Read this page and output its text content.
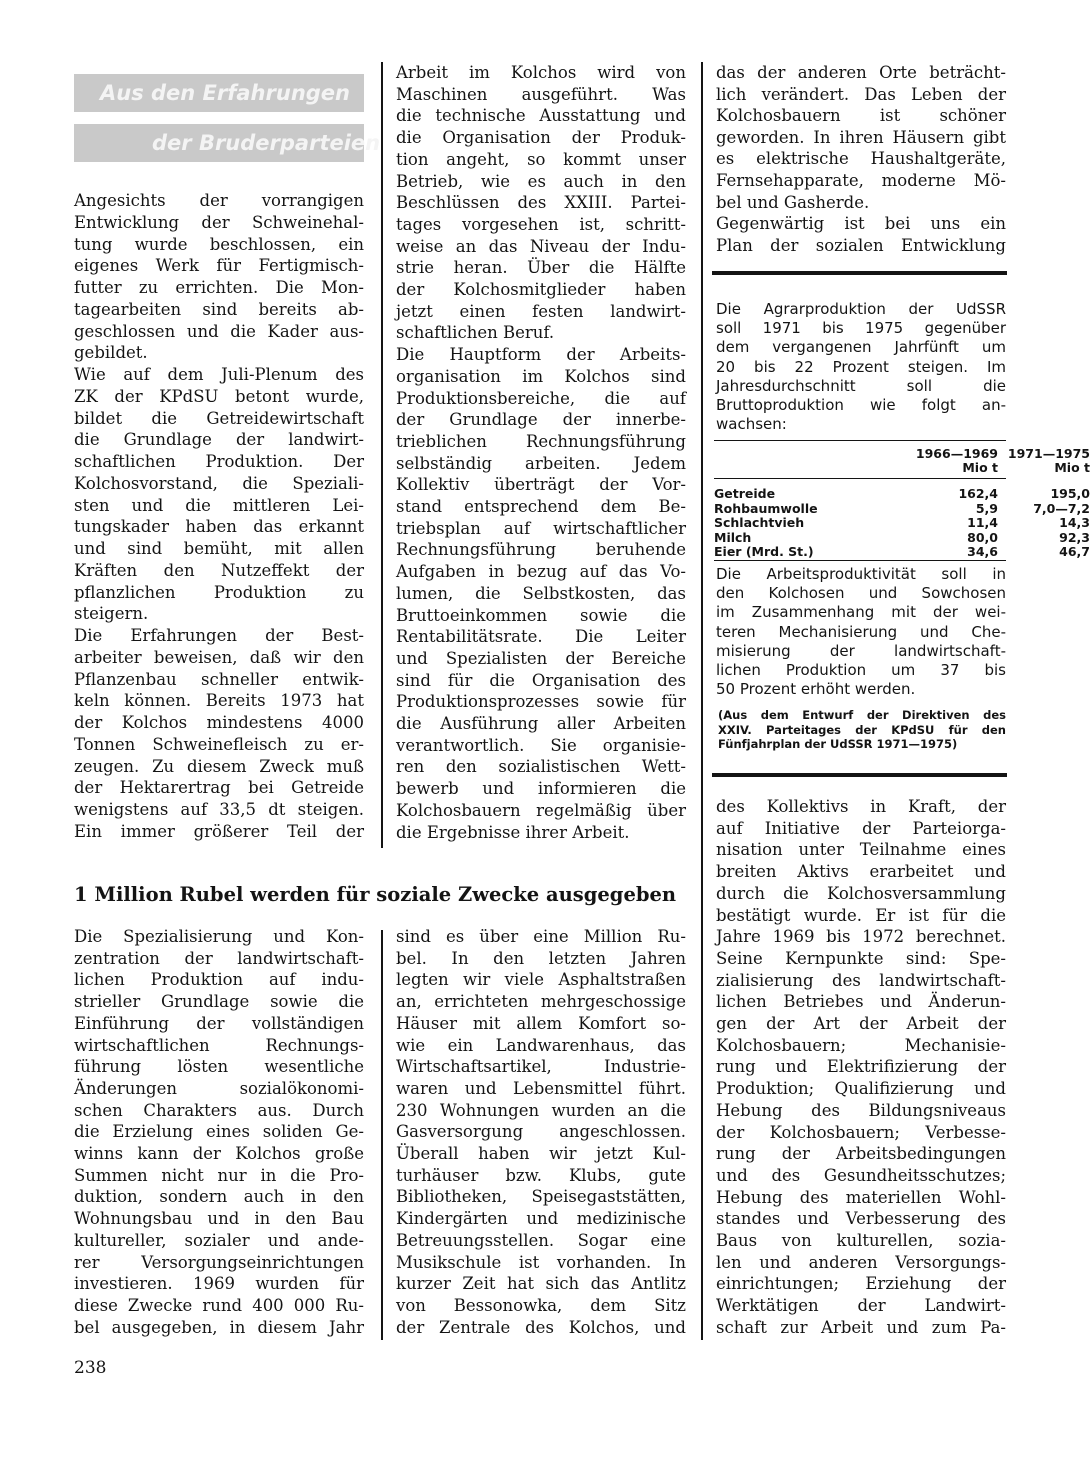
Aus den Erfahrungen
der Bruderparteien
1 Million Rubel werden für soziale Zwecke ausgegeben
238
Angesichts der vorrangigen
Entwicklung der Schweinehal-
tung wurde beschlossen, ein
eigenes Werk für Fertigmisch-
futter zu errichten. Die Mon-
tagearbeiten sind bereits ab-
geschlossen und die Kader aus-
gebildet.
Wie auf dem Juli-Plenum des
ZK der KPdSU betont wurde,
bildet die Getreidewirtschaft
die Grundlage der landwirt-
schaftlichen Produktion. Der
Kolchosvorstand, die Speziali-
sten und die mittleren Lei-
tungskader haben das erkannt
und sind bemüht, mit allen
Kräften den Nutzeffekt der
pflanzlichen Produktion zu
steigern.
Die Erfahrungen der Best-
arbeiter beweisen, daß wir den
Pflanzenbau schneller entwik-
keln können. Bereits 1973 hat
der Kolchos mindestens 4000
Tonnen Schweinefleisch zu er-
zeugen. Zu diesem Zweck muß
der Hektarertrag bei Getreide
wenigstens auf 33,5 dt steigen.
Ein immer größerer Teil der
Arbeit im Kolchos wird von
Maschinen ausgeführt. Was
die technische Ausstattung und
die Organisation der Produk-
tion angeht, so kommt unser
Betrieb, wie es auch in den
Beschlüssen des XXIII. Partei-
tages vorgesehen ist, schritt-
weise an das Niveau der Indu-
strie heran. Über die Hälfte
der Kolchosmitglieder haben
jetzt einen festen landwirt-
schaftlichen Beruf.
Die Hauptform der Arbeits-
organisation im Kolchos sind
Produktionsbereiche, die auf
der Grundlage der innerbe-
trieblichen Rechnungsführung
selbständig arbeiten. Jedem
Kollektiv überträgt der Vor-
stand entsprechend dem Be-
triebsplan auf wirtschaftlicher
Rechnungsführung beruhende
Aufgaben in bezug auf das Vo-
lumen, die Selbstkosten, das
Bruttoeinkommen sowie die
Rentabilitätsrate. Die Leiter
und Spezialisten der Bereiche
sind für die Organisation des
Produktionsprozesses sowie für
die Ausführung aller Arbeiten
verantwortlich. Sie organisie-
ren den sozialistischen Wett-
bewerb und informieren die
Kolchosbauern regelmäßig über
die Ergebnisse ihrer Arbeit.
das der anderen Orte beträcht-
lich verändert. Das Leben der
Kolchosbauern ist schöner
geworden. In ihren Häusern gibt
es elektrische Haushaltgeräte,
Fernsehapparate, moderne Mö-
bel und Gasherde.
Gegenwärtig ist bei uns ein
Plan der sozialen Entwicklung
Die Agrarproduktion der UdSSR
soll 1971 bis 1975 gegenüber
dem vergangenen Jahrfünft um
20 bis 22 Prozent steigen. Im
Jahresdurchschnitt soll die
Bruttoproduktion wie folgt an-
wachsen:
1966—1969 1971—1975
Mio t	Mio t
Getreide	162,4	195,0
Rohbaumwolle	5,9	7,0—7,2
Schlachtvieh	11,4	14,3
Milch	80,0	92,3
Eier (Mrd. St.)	34,6	46,7
Die Arbeitsproduktivität soll in
den Kolchosen und Sowchosen
im Zusammenhang mit der wei-
teren Mechanisierung und Che-
misierung der landwirtschaft-
lichen Produktion um 37 bis
50 Prozent erhöht werden.
(Aus dem Entwurf der Direktiven des
XXIV. Parteitages der KPdSU für den
Fünfjahrplan der UdSSR 1971—1975)
des Kollektivs in Kraft, der
auf Initiative der Parteiorga-
nisation unter Teilnahme eines
breiten Aktivs erarbeitet und
durch die Kolchosversammlung
bestätigt wurde. Er ist für die
Jahre 1969 bis 1972 berechnet.
Seine Kernpunkte sind: Spe-
zialisierung des landwirtschaft-
lichen Betriebes und Änderun-
gen der Art der Arbeit der
Kolchosbauern; Mechanisie-
rung und Elektrifizierung der
Produktion; Qualifizierung und
Hebung des Bildungsniveaus
der Kolchosbauern; Verbesse-
rung der Arbeitsbedingungen
und des Gesundheitsschutzes;
Hebung des materiellen Wohl-
standes und Verbesserung des
Baus von kulturellen, sozia-
len und anderen Versorgungs-
einrichtungen; Erziehung der
Werktätigen der Landwirt-
schaft zur Arbeit und zum Pa-
Die Spezialisierung und Kon-
zentration der landwirtschaft-
lichen Produktion auf indu-
strieller Grundlage sowie die
Einführung der vollständigen
wirtschaftlichen Rechnungs-
führung lösten wesentliche
Änderungen sozialökonomi-
schen Charakters aus. Durch
die Erzielung eines soliden Ge-
winns kann der Kolchos große
Summen nicht nur in die Pro-
duktion, sondern auch in den
Wohnungsbau und in den Bau
kultureller, sozialer und ande-
rer Versorgungseinrichtungen
investieren. 1969 wurden für
diese Zwecke rund 400 000 Ru-
bel ausgegeben, in diesem Jahr
sind es über eine Million Ru-
bel. In den letzten Jahren
legten wir viele Asphaltstraßen
an, errichteten mehrgeschossige
Häuser mit allem Komfort so-
wie ein Landwarenhaus, das
Wirtschaftsartikel, Industrie-
waren und Lebensmittel führt.
230 Wohnungen wurden an die
Gasversorgung angeschlossen.
Überall haben wir jetzt Kul-
turhäuser bzw. Klubs, gute
Bibliotheken, Speisegaststätten,
Kindergärten und medizinische
Betreuungsstellen. Sogar eine
Musikschule ist vorhanden. In
kurzer Zeit hat sich das Antlitz
von Bessonowka, dem Sitz
der Zentrale des Kolchos, und
